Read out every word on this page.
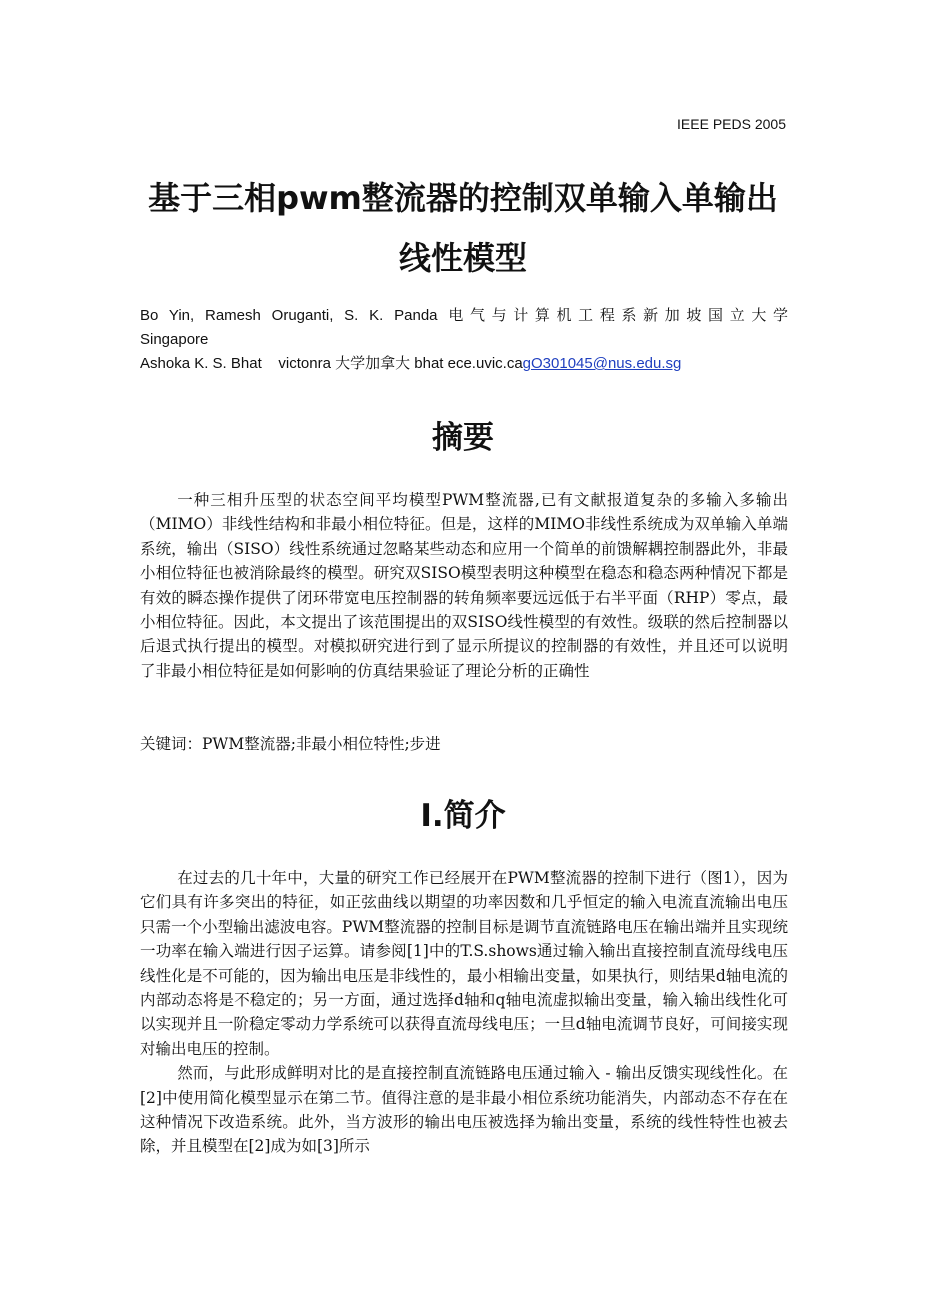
IEEE PEDS 2005
基于三相pwm整流器的控制双单输入单输出线性模型
Bo Yin, Ramesh Oruganti, S. K. Panda 电气与计算机工程系新加坡国立大学
Singapore
Ashoka K. S. Bhat    victonra 大学加拿大 bhat ece.uvic.cagO301045@nus.edu.sg
摘要

一种三相升压型的状态空间平均模型PWM整流器,已有文献报道复杂的多输入多输出（MIMO）非线性结构和非最小相位特征。但是，这样的MIMO非线性系统成为双单输入单端系统，输出（SISO）线性系统通过忽略某些动态和应用一个简单的前馈解耦控制器此外，非最小相位特征也被消除最终的模型。研究双SISO模型表明这种模型在稳态和稳态两种情况下都是有效的瞬态操作提供了闭环带宽电压控制器的转角频率要远远低于右半平面（RHP）零点，最小相位特征。因此，本文提出了该范围提出的双SISO线性模型的有效性。级联的然后控制器以后退式执行提出的模型。对模拟研究进行到了显示所提议的控制器的有效性，并且还可以说明了非最小相位特征是如何影响的仿真结果验证了理论分析的正确性

关键词：PWM整流器;非最小相位特性;步进
I.简介

在过去的几十年中，大量的研究工作已经展开在PWM整流器的控制下进行（图1），因为它们具有许多突出的特征，如正弦曲线以期望的功率因数和几乎恒定的输入电流直流输出电压只需一个小型输出滤波电容。PWM整流器的控制目标是调节直流链路电压在输出端并且实现统一功率在输入端进行因子运算。请参阅[1]中的T.S.shows通过输入输出直接控制直流母线电压线性化是不可能的，因为输出电压是非线性的，最小相输出变量，如果执行，则结果d轴电流的内部动态将是不稳定的；另一方面，通过选择d轴和q轴电流虚拟输出变量，输入输出线性化可以实现并且一阶稳定零动力学系统可以获得直流母线电压；一旦d轴电流调节良好，可间接实现对输出电压的控制。

然而，与此形成鲜明对比的是直接控制直流链路电压通过输入 - 输出反馈实现线性化。在[2]中使用简化模型显示在第二节。值得注意的是非最小相位系统功能消失，内部动态不存在在这种情况下改造系统。此外，当方波形的输出电压被选择为输出变量，系统的线性特性也被去除，并且模型在[2]成为如[3]所示
